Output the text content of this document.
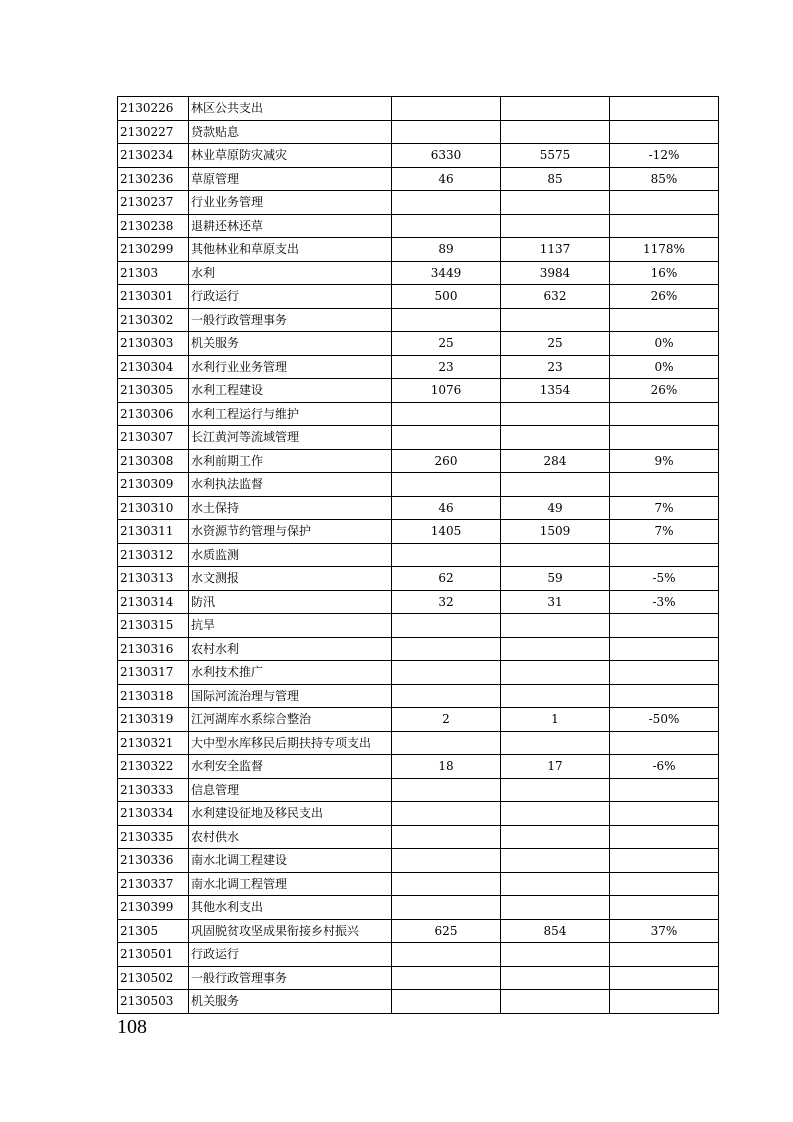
2130226	林区公共支出			
2130227	贷款贴息			
2130234	林业草原防灾减灾	6330	5575	-12%
2130236	草原管理	46	85	85%
2130237	行业业务管理			
2130238	退耕还林还草			
2130299	其他林业和草原支出	89	1137	1178%
21303	水利	3449	3984	16%
2130301	行政运行	500	632	26%
2130302	一般行政管理事务			
2130303	机关服务	25	25	0%
2130304	水利行业业务管理	23	23	0%
2130305	水利工程建设	1076	1354	26%
2130306	水利工程运行与维护			
2130307	长江黄河等流域管理			
2130308	水利前期工作	260	284	9%
2130309	水利执法监督			
2130310	水土保持	46	49	7%
2130311	水资源节约管理与保护	1405	1509	7%
2130312	水质监测			
2130313	水文测报	62	59	-5%
2130314	防汛	32	31	-3%
2130315	抗旱			
2130316	农村水利			
2130317	水利技术推广			
2130318	国际河流治理与管理			
2130319	江河湖库水系综合整治	2	1	-50%
2130321	大中型水库移民后期扶持专项支出			
2130322	水利安全监督	18	17	-6%
2130333	信息管理			
2130334	水利建设征地及移民支出			
2130335	农村供水			
2130336	南水北调工程建设			
2130337	南水北调工程管理			
2130399	其他水利支出			
21305	巩固脱贫攻坚成果衔接乡村振兴	625	854	37%
2130501	行政运行			
2130502	一般行政管理事务			
2130503	机关服务			
108
